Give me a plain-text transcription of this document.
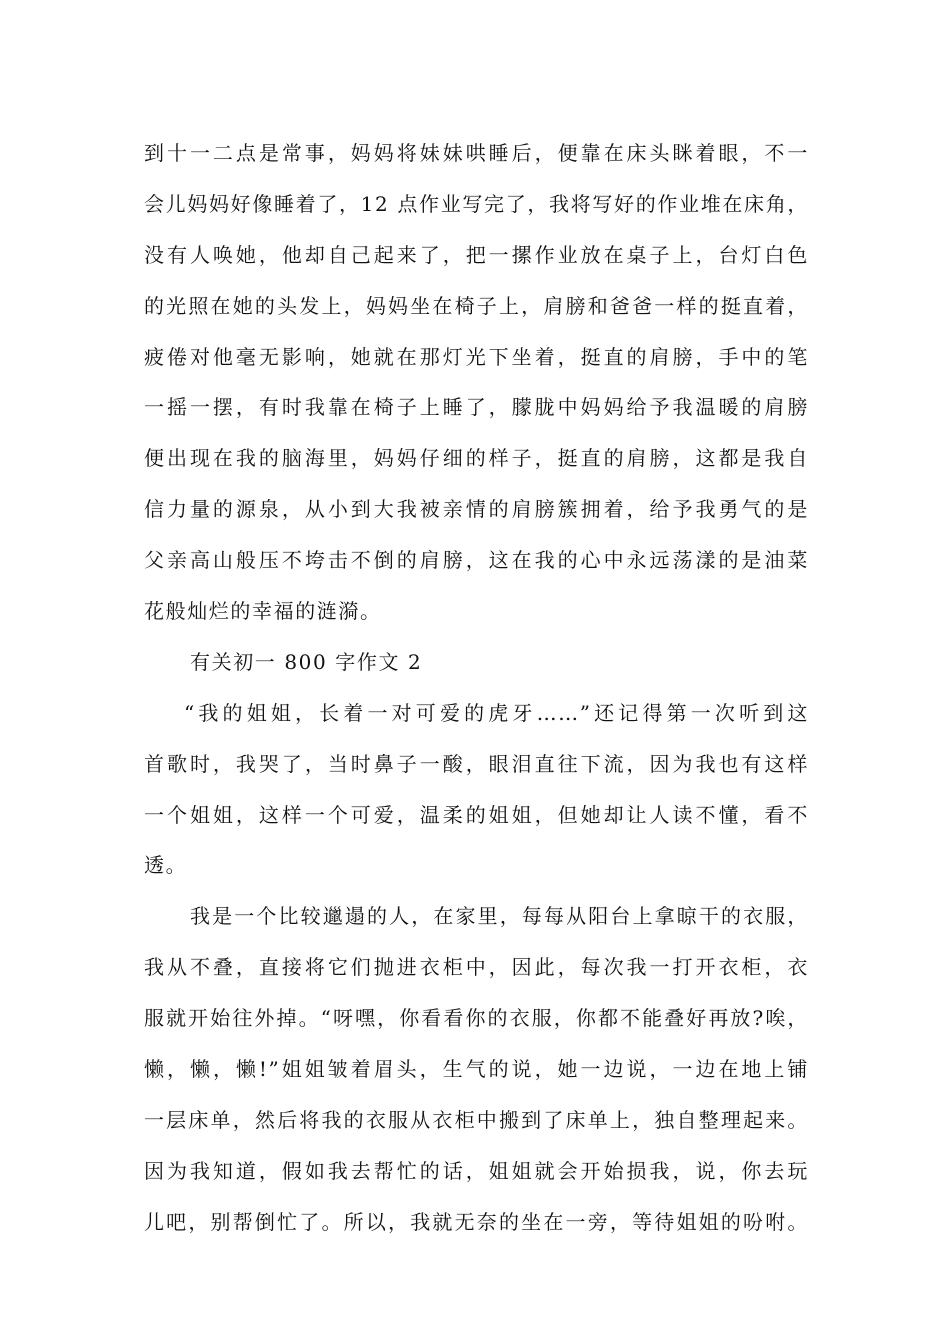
到十一二点是常事，妈妈将妹妹哄睡后，便靠在床头眯着眼，不一
会儿妈妈好像睡着了，12 点作业写完了，我将写好的作业堆在床角，
没有人唤她，他却自己起来了，把一摞作业放在桌子上，台灯白色
的光照在她的头发上，妈妈坐在椅子上，肩膀和爸爸一样的挺直着，
疲倦对他毫无影响，她就在那灯光下坐着，挺直的肩膀，手中的笔
一摇一摆，有时我靠在椅子上睡了，朦胧中妈妈给予我温暖的肩膀
便出现在我的脑海里，妈妈仔细的样子，挺直的肩膀，这都是我自
信力量的源泉，从小到大我被亲情的肩膀簇拥着，给予我勇气的是
父亲高山般压不垮击不倒的肩膀，这在我的心中永远荡漾的是油菜
花般灿烂的幸福的涟漪。
有关初一 800 字作文 2
“我的姐姐，长着一对可爱的虎牙……”还记得第一次听到这
首歌时，我哭了，当时鼻子一酸，眼泪直往下流，因为我也有这样
一个姐姐，这样一个可爱，温柔的姐姐，但她却让人读不懂，看不
透。
我是一个比较邋遢的人，在家里，每每从阳台上拿晾干的衣服，
我从不叠，直接将它们抛进衣柜中，因此，每次我一打开衣柜，衣
服就开始往外掉。“呀嘿，你看看你的衣服，你都不能叠好再放?唉，
懒，懒，懒!”姐姐皱着眉头，生气的说，她一边说，一边在地上铺
一层床单，然后将我的衣服从衣柜中搬到了床单上，独自整理起来。
因为我知道，假如我去帮忙的话，姐姐就会开始损我，说，你去玩
儿吧，别帮倒忙了。所以，我就无奈的坐在一旁，等待姐姐的吩咐。
